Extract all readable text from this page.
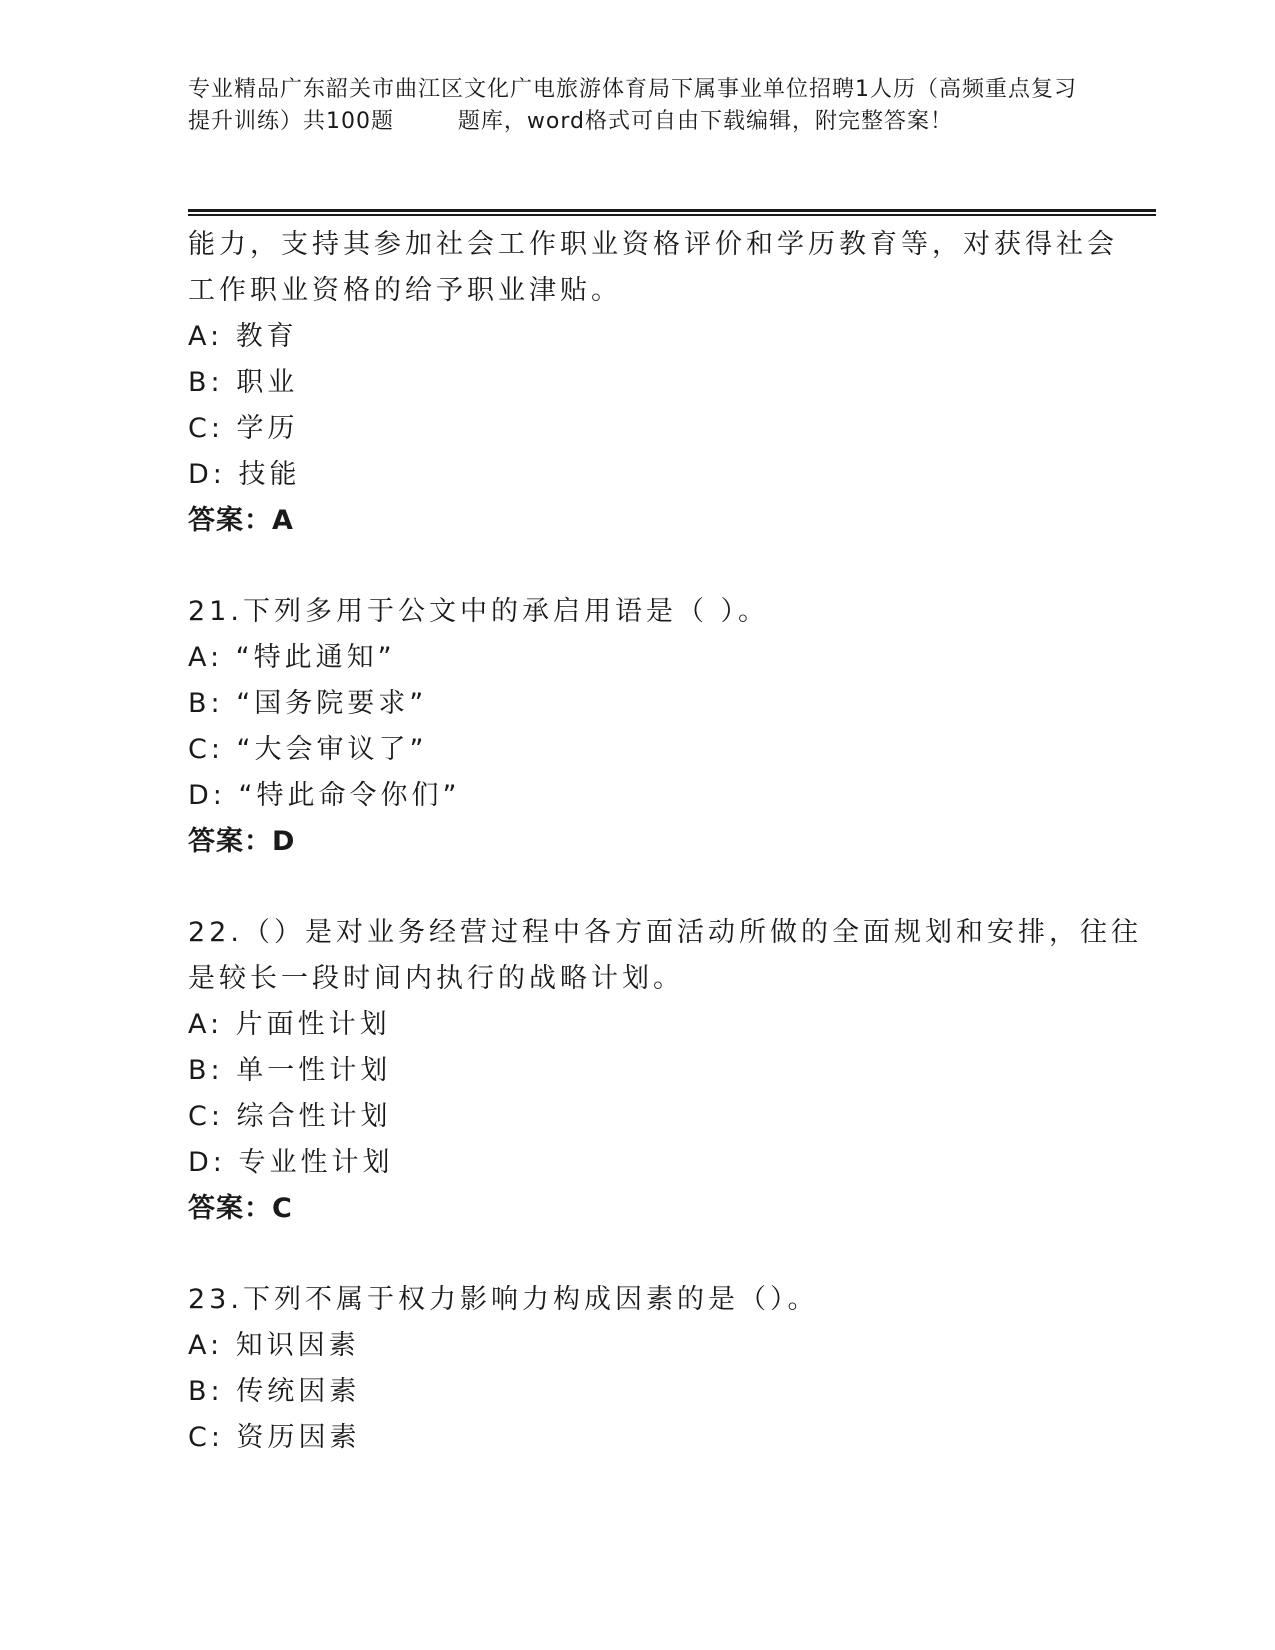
专业精品广东韶关市曲江区文化广电旅游体育局下属事业单位招聘1人历（高频重点复习提升训练）共100题        题库，word格式可自由下载编辑，附完整答案！
能力，支持其参加社会工作职业资格评价和学历教育等，对获得社会
工作职业资格的给予职业津贴。
A: 教育
B: 职业
C: 学历
D: 技能
答案：A
21.下列多用于公文中的承启用语是（ ）。
A: “特此通知”
B: “国务院要求”
C: “大会审议了”
D: “特此命令你们”
答案：D
22.（）是对业务经营过程中各方面活动所做的全面规划和安排，往往
是较长一段时间内执行的战略计划。
A: 片面性计划
B: 单一性计划
C: 综合性计划
D: 专业性计划
答案：C
23.下列不属于权力影响力构成因素的是（）。
A: 知识因素
B: 传统因素
C: 资历因素
